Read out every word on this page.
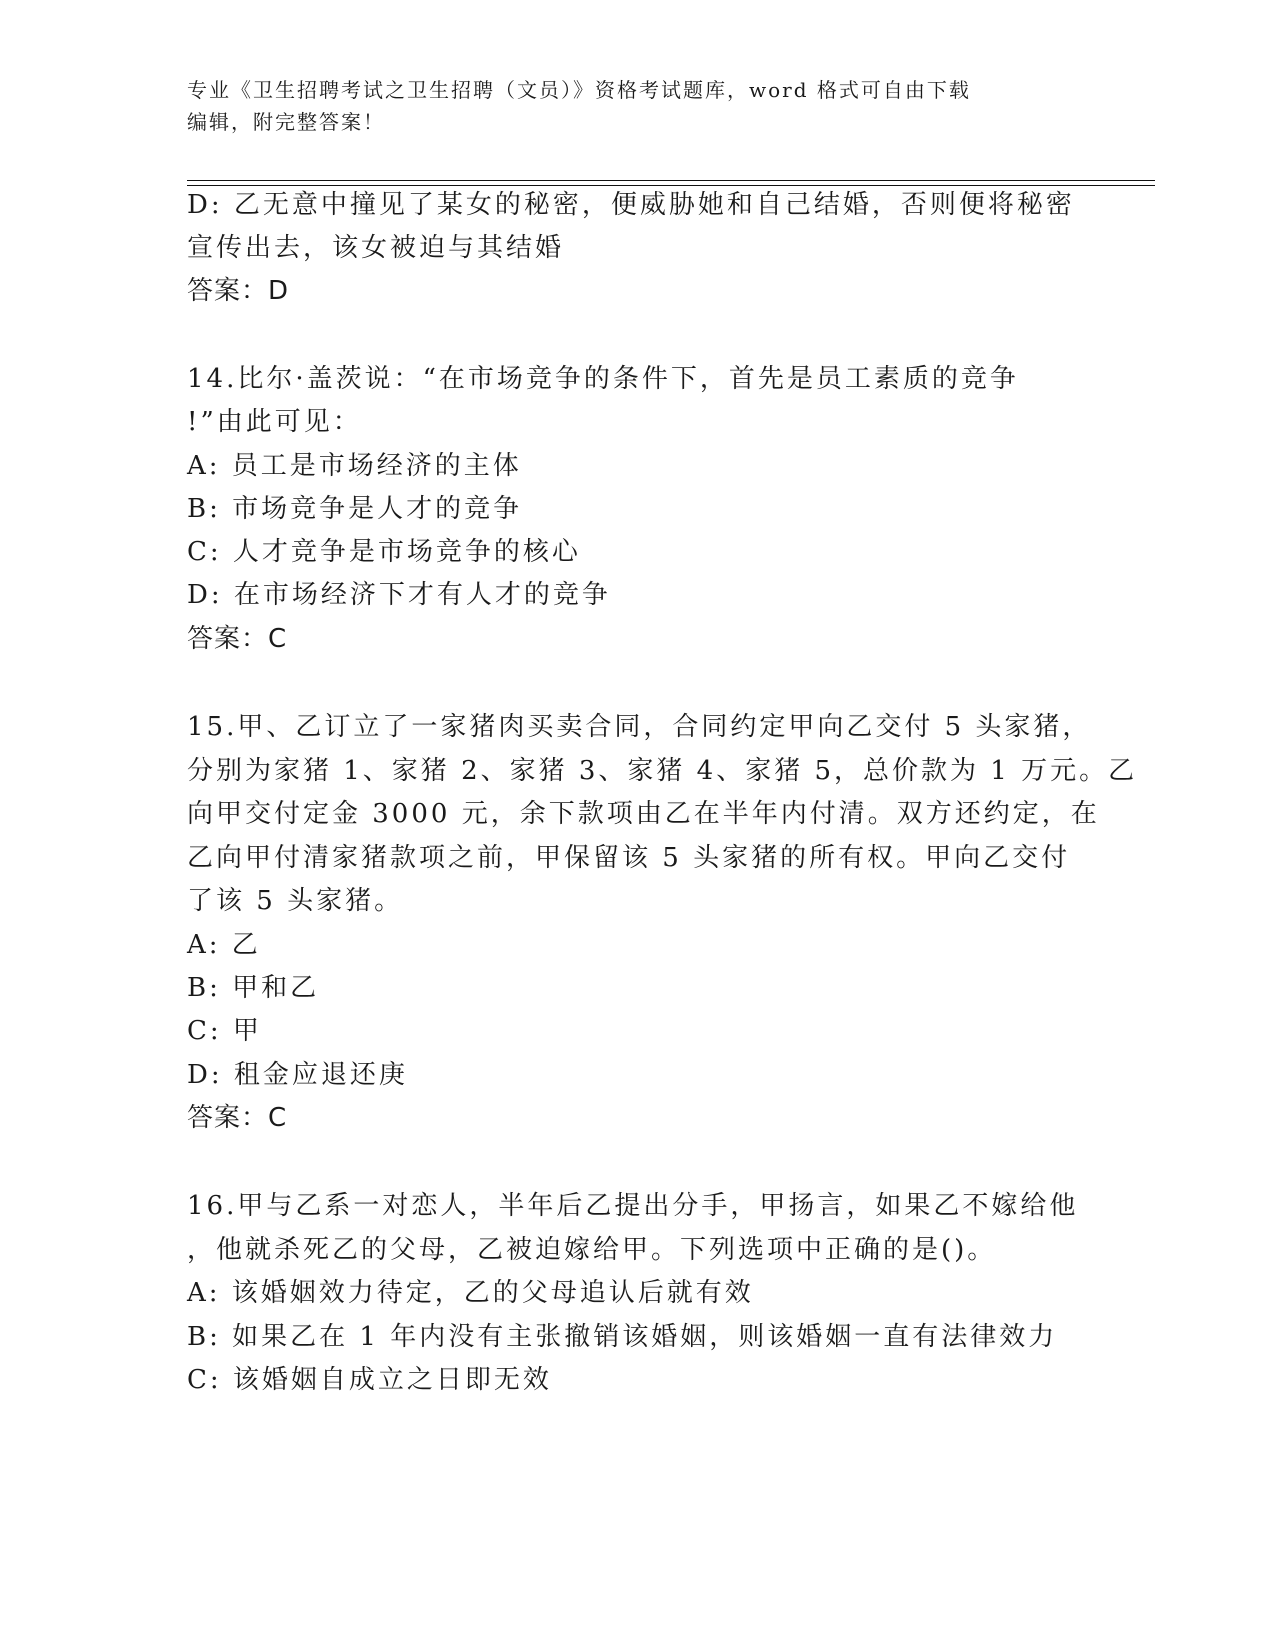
专业《卫生招聘考试之卫生招聘（文员）》资格考试题库，word 格式可自由下载
编辑，附完整答案！
D: 乙无意中撞见了某女的秘密，便威胁她和自己结婚，否则便将秘密
宣传出去，该女被迫与其结婚
答案：D
14.比尔·盖茨说：“在市场竞争的条件下，首先是员工素质的竞争
!”由此可见：
A: 员工是市场经济的主体
B: 市场竞争是人才的竞争
C: 人才竞争是市场竞争的核心
D: 在市场经济下才有人才的竞争
答案：C
15.甲、乙订立了一家猪肉买卖合同，合同约定甲向乙交付 5 头家猪，
分别为家猪 1、家猪 2、家猪 3、家猪 4、家猪 5，总价款为 1 万元。乙
向甲交付定金 3000 元，余下款项由乙在半年内付清。双方还约定，在
乙向甲付清家猪款项之前，甲保留该 5 头家猪的所有权。甲向乙交付
了该 5 头家猪。
A: 乙
B: 甲和乙
C: 甲
D: 租金应退还庚
答案：C
16.甲与乙系一对恋人，半年后乙提出分手，甲扬言，如果乙不嫁给他
，他就杀死乙的父母，乙被迫嫁给甲。下列选项中正确的是()。
A: 该婚姻效力待定，乙的父母追认后就有效
B: 如果乙在 1 年内没有主张撤销该婚姻，则该婚姻一直有法律效力
C: 该婚姻自成立之日即无效
